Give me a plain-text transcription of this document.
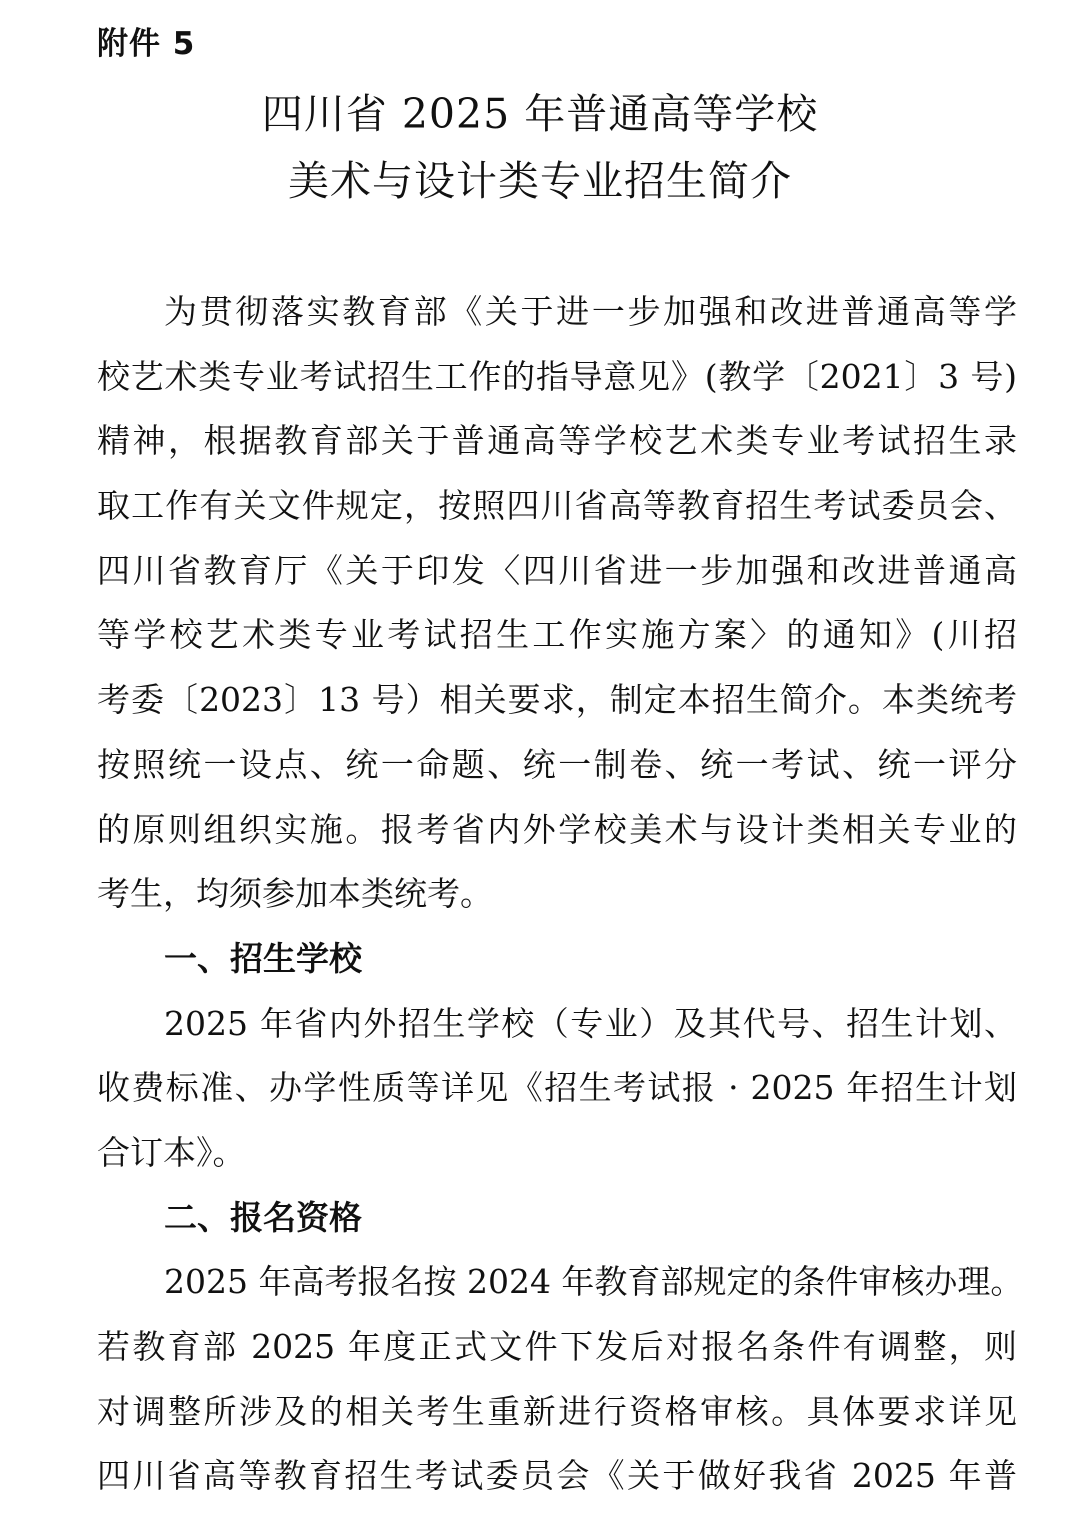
附件 5
四川省 2025 年普通高等学校
美术与设计类专业招生简介
为贯彻落实教育部《关于进一步加强和改进普通高等学
校艺术类专业考试招生工作的指导意见》(教学〔2021〕3 号)
精神，根据教育部关于普通高等学校艺术类专业考试招生录
取工作有关文件规定，按照四川省高等教育招生考试委员会、
四川省教育厅《关于印发〈四川省进一步加强和改进普通高
等学校艺术类专业考试招生工作实施方案〉的通知》(川招
考委〔2023〕13 号）相关要求，制定本招生简介。本类统考
按照统一设点、统一命题、统一制卷、统一考试、统一评分
的原则组织实施。报考省内外学校美术与设计类相关专业的
考生，均须参加本类统考。
一、招生学校
2025 年省内外招生学校（专业）及其代号、招生计划、
收费标准、办学性质等详见《招生考试报 · 2025 年招生计划
合订本》。
二、报名资格
2025 年高考报名按 2024 年教育部规定的条件审核办理。
若教育部 2025 年度正式文件下发后对报名条件有调整，则
对调整所涉及的相关考生重新进行资格审核。具体要求详见
四川省高等教育招生考试委员会《关于做好我省 2025 年普
